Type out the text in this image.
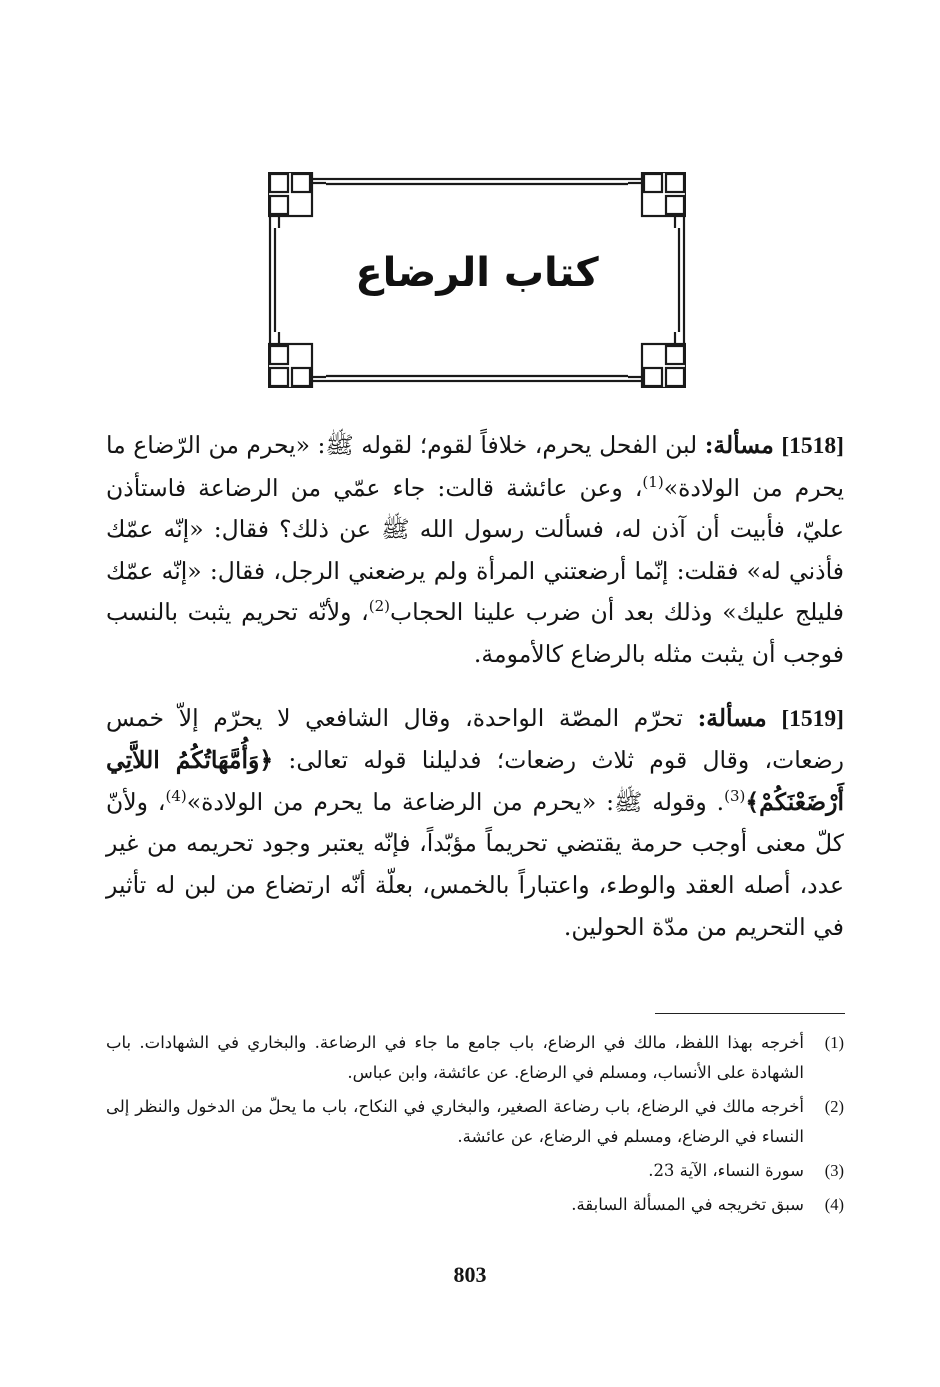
كتاب الرضاع

[1518] مسألة: لبن الفحل يحرم، خلافاً لقوم؛ لقوله ﷺ: «يحرم من الرّضاع ما يحرم من الولادة»$^{(1)}$، وعن عائشة قالت: جاء عمّي من الرضاعة فاستأذن عليّ، فأبيت أن آذن له، فسألت رسول الله ﷺ عن ذلك؟ فقال: «إنّه عمّك فأذني له» فقلت: إنّما أرضعتني المرأة ولم يرضعني الرجل، فقال: «إنّه عمّك فليلج عليك» وذلك بعد أن ضرب علينا الحجاب$^{(2)}$، ولأنّه تحريم يثبت بالنسب فوجب أن يثبت مثله بالرضاع كالأمومة.

[1519] مسألة: تحرّم المصّة الواحدة، وقال الشافعي لا يحرّم إلاّ خمس رضعات، وقال قوم ثلاث رضعات؛ فدليلنا قوله تعالى: ﴿وَأُمَّهَاتُكُمُ اللاَّتِي أَرْضَعْنَكُمْ﴾$^{(3)}$. وقوله ﷺ: «يحرم من الرضاعة ما يحرم من الولادة»$^{(4)}$، ولأنّ كلّ معنى أوجب حرمة يقتضي تحريماً مؤبّداً، فإنّه يعتبر وجود تحريمه من غير عدد، أصله العقد والوطء، واعتباراً بالخمس، بعلّة أنّه ارتضاع من لبن له تأثير في التحريم من مدّة الحولين.

(1)
أخرجه بهذا اللفظ، مالك في الرضاع، باب جامع ما جاء في الرضاعة. والبخاري في الشهادات. باب الشهادة على الأنساب، ومسلم في الرضاع. عن عائشة، وابن عباس.
(2)
أخرجه مالك في الرضاع، باب رضاعة الصغير، والبخاري في النكاح، باب ما يحلّ من الدخول والنظر إلى النساء في الرضاع، ومسلم في الرضاع، عن عائشة.
(3)
سورة النساء، الآية 23.
(4)
سبق تخريجه في المسألة السابقة.
803
